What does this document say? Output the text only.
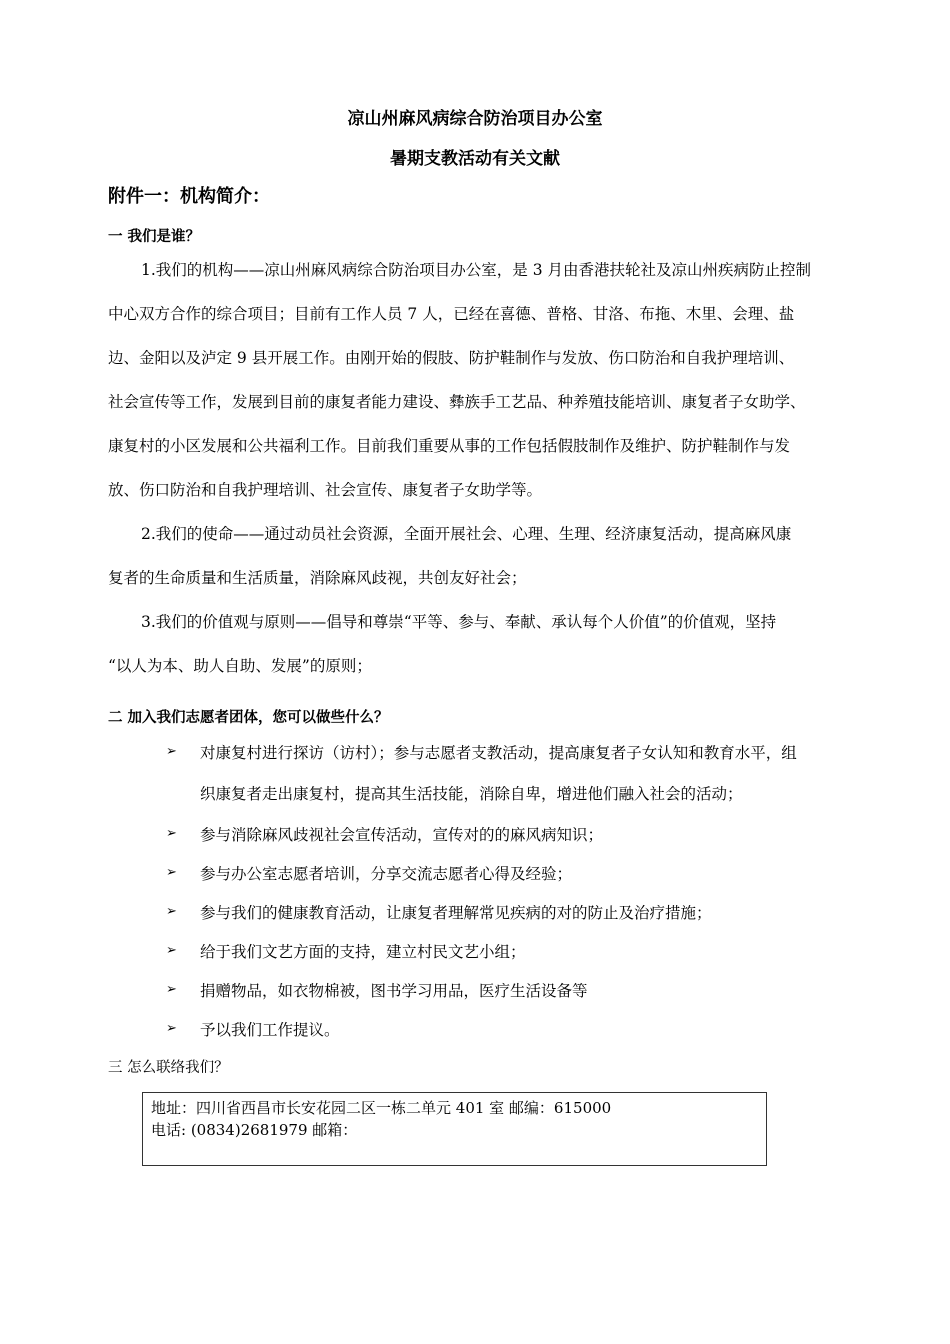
凉山州麻风病综合防治项目办公室
暑期支教活动有关文献
附件一：机构简介：
一 我们是谁？
1.我们的机构——凉山州麻风病综合防治项目办公室，是 3 月由香港扶轮社及凉山州疾病防止控制
中心双方合作的综合项目；目前有工作人员 7 人，已经在喜德、普格、甘洛、布拖、木里、会理、盐
边、金阳以及泸定 9 县开展工作。由刚开始的假肢、防护鞋制作与发放、伤口防治和自我护理培训、
社会宣传等工作，发展到目前的康复者能力建设、彝族手工艺品、种养殖技能培训、康复者子女助学、
康复村的小区发展和公共福利工作。目前我们重要从事的工作包括假肢制作及维护、防护鞋制作与发
放、伤口防治和自我护理培训、社会宣传、康复者子女助学等。
2.我们的使命——通过动员社会资源，全面开展社会、心理、生理、经济康复活动，提高麻风康
复者的生命质量和生活质量，消除麻风歧视，共创友好社会；
3.我们的价值观与原则——倡导和尊崇“平等、参与、奉献、承认每个人价值”的价值观，坚持
“以人为本、助人自助、发展”的原则；
二 加入我们志愿者团体，您可以做些什么？
➢ 对康复村进行探访（访村）；参与志愿者支教活动，提高康复者子女认知和教育水平，组
织康复者走出康复村，提高其生活技能，消除自卑，增进他们融入社会的活动；
➢ 参与消除麻风歧视社会宣传活动，宣传对的的麻风病知识；
➢ 参与办公室志愿者培训，分享交流志愿者心得及经验；
➢ 参与我们的健康教育活动，让康复者理解常见疾病的对的防止及治疗措施；
➢ 给于我们文艺方面的支持，建立村民文艺小组；
➢ 捐赠物品，如衣物棉被，图书学习用品，医疗生活设备等
➢ 予以我们工作提议。
三 怎么联络我们？
地址：四川省西昌市长安花园二区一栋二单元 401 室 邮编：615000
电话: (0834)2681979 邮箱：
